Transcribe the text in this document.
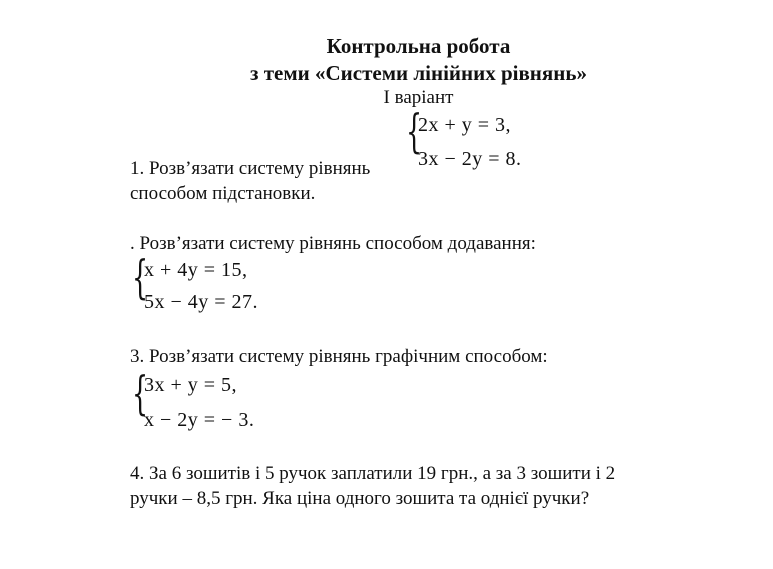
Контрольна робота
з теми «Системи лінійних рівнянь»
І варіант
1. Розв’язати систему рівнянь
способом підстановки.
{
2x + y = 3,
3x − 2y = 8.
. Розв’язати систему рівнянь способом додавання:
{
x + 4y = 15,
5x − 4y = 27.
3. Розв’язати систему рівнянь графічним способом:
{
3x + y = 5,
x − 2y = − 3.
4. За 6 зошитів і 5 ручок заплатили 19 грн., а за 3 зошити і 2
ручки – 8,5 грн. Яка ціна одного зошита та однієї ручки?
